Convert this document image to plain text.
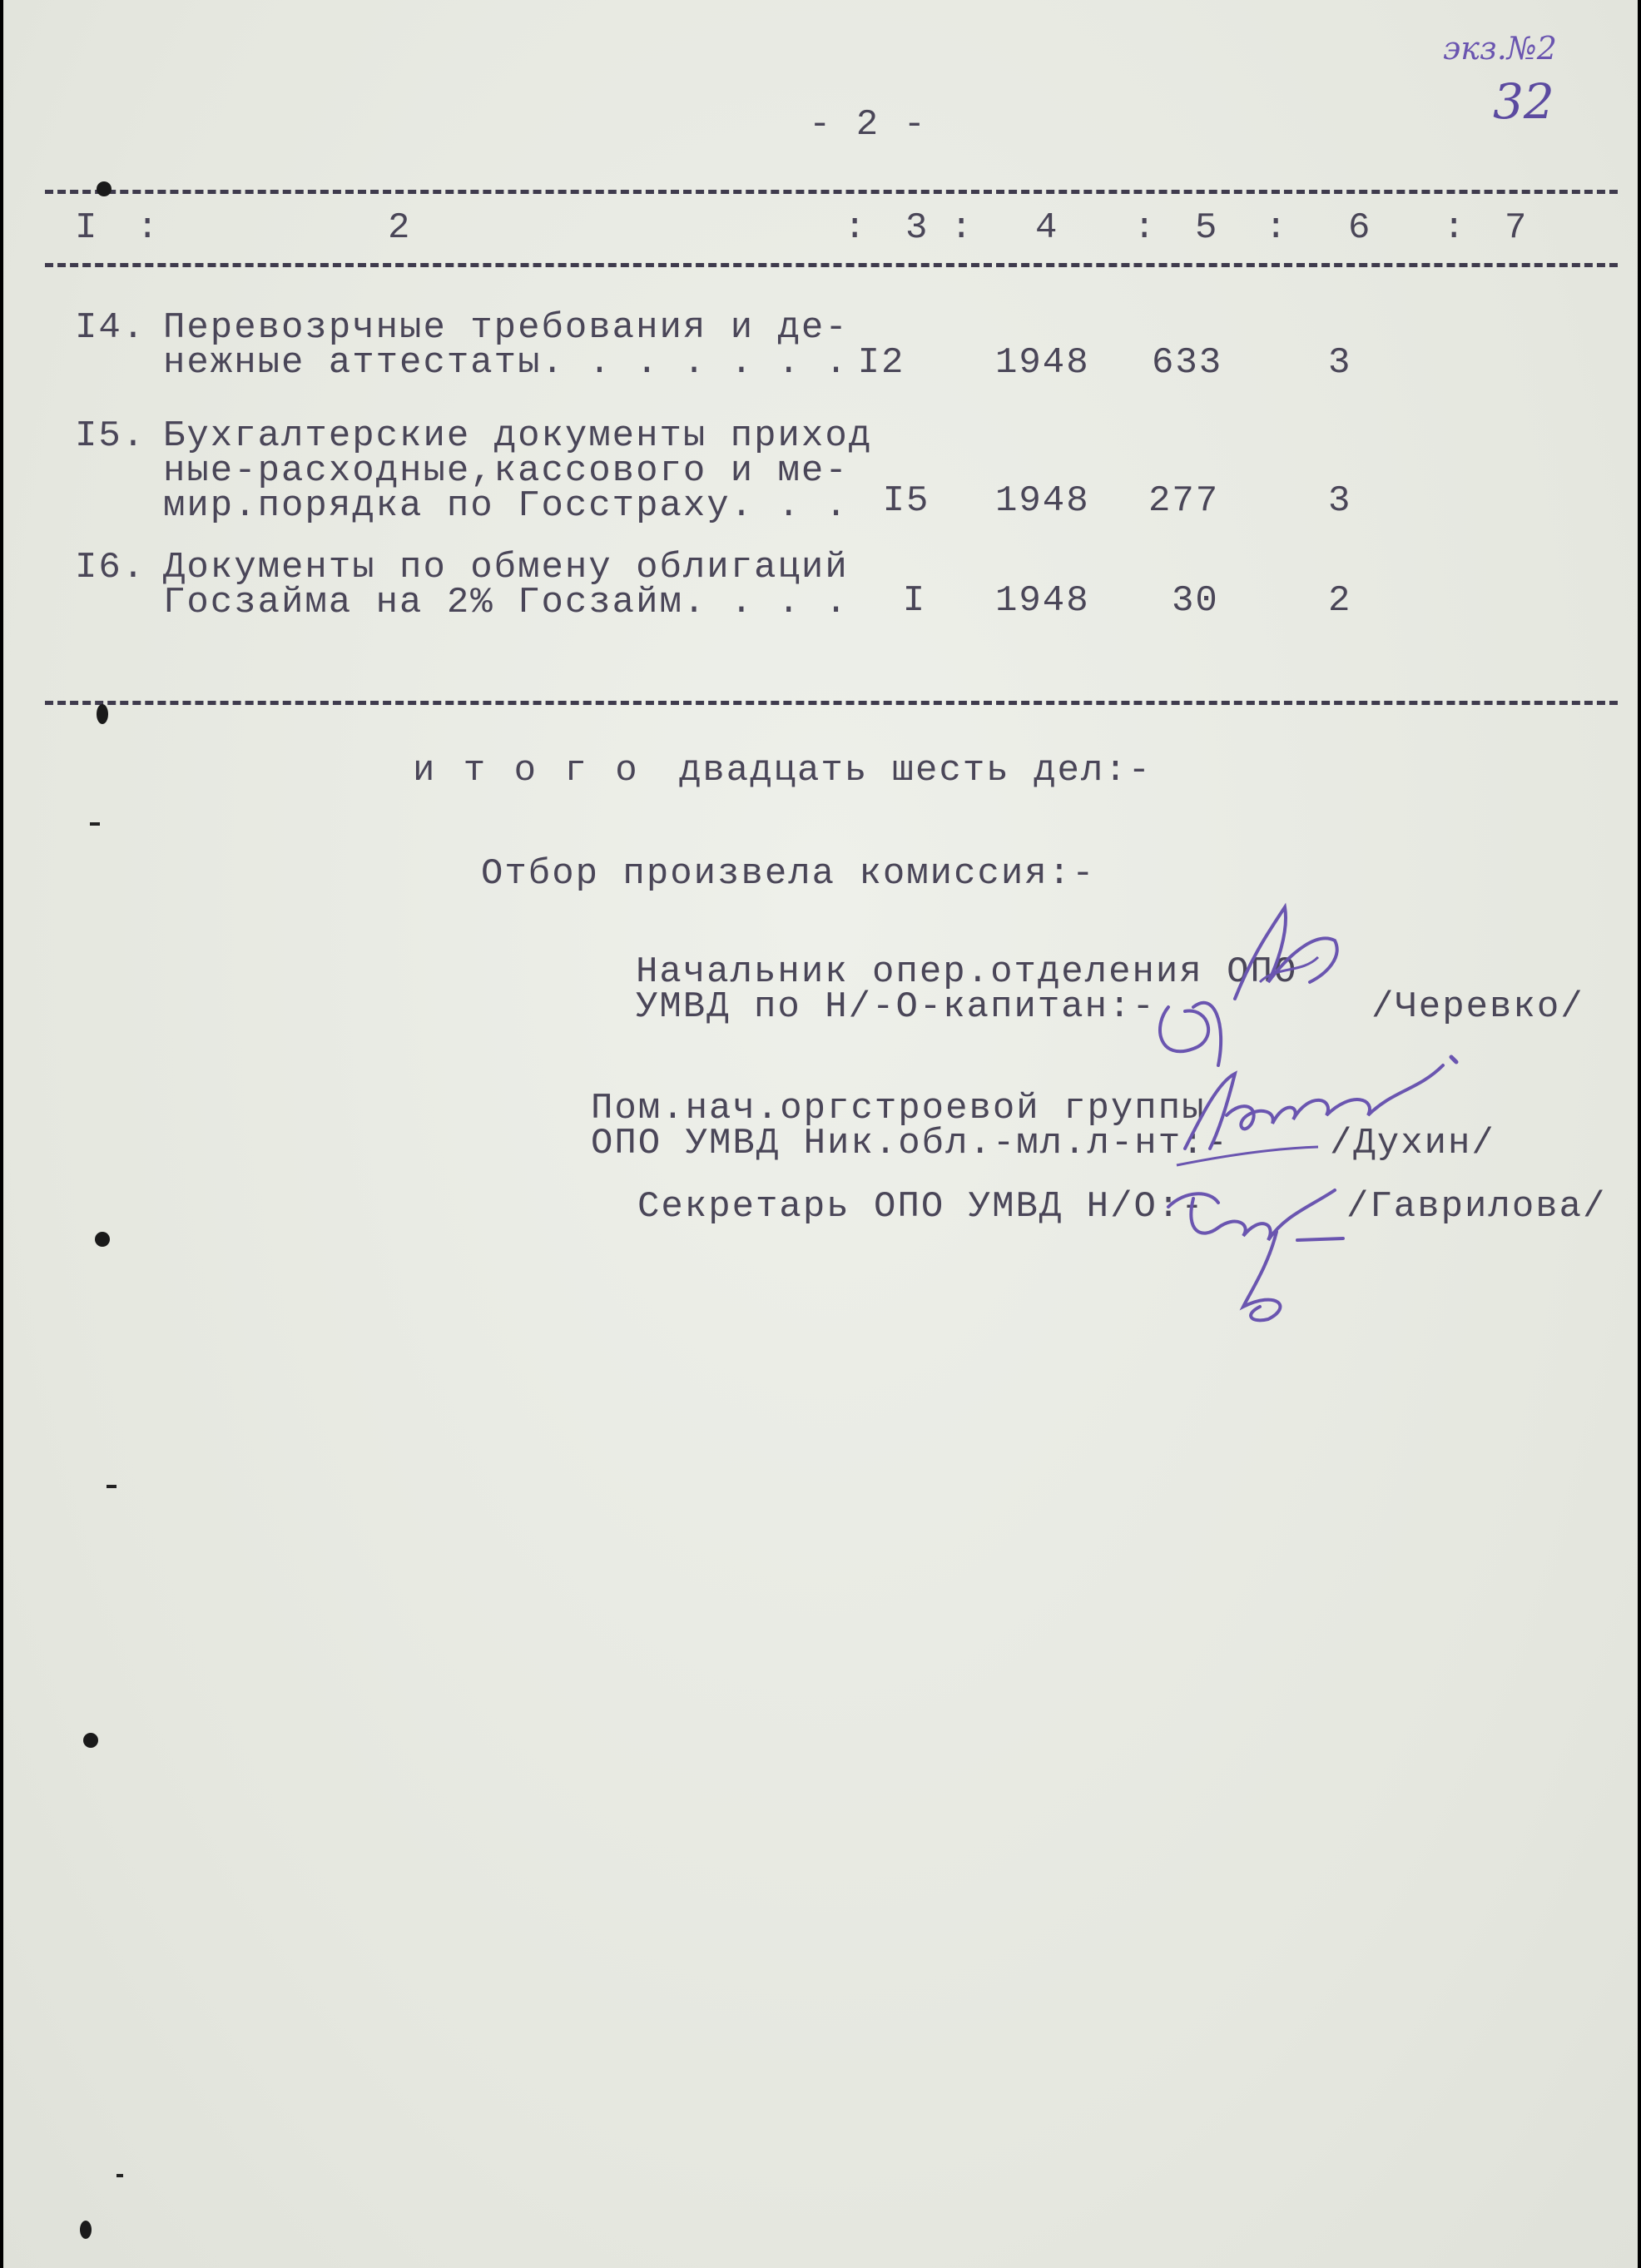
экз.№2
32
- 2 -
I :	2	: 3 : 4 : 5 : 6 : 7
I4. Перевозрчные требования и де-
нежные аттестаты. . . . . . . I2 1948 633	3
I5. Бухгалтерские документы приход
ные-расходные,кассового и ме-
мир.порядка по Госстраху. . . I5 1948 277	3
I6. Документы по обмену облигаций
Госзайма на 2% Госзайм. . . .	I	1948 30	2
и т о г о двадцать шесть дел:-
Отбор произвела комиссия:-
Начальник опер.отделения ОПО
УМВД по Н/-О-капитан:-	/Черевко/
Пом.нач.оргстроевой группы
ОПО УМВД Ник.обл.-мл.л-нт:-	/Духин/
Секретарь ОПО УМВД Н/О:-	/Гаврилова/
